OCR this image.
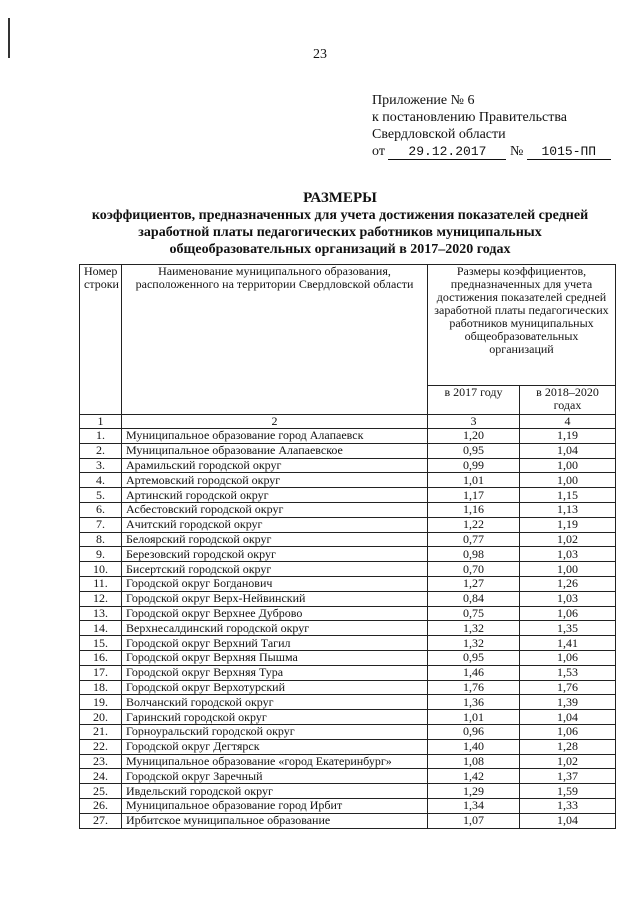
23
Приложение № 6
к постановлению Правительства
Свердловской области
от 29.12.2017 № 1015-ПП
РАЗМЕРЫ
коэффициентов, предназначенных для учета достижения показателей средней
заработной платы педагогических работников муниципальных
общеобразовательных организаций в 2017–2020 годах
Номер строки	Наименование муниципального образования, расположенного на территории Свердловской области	Размеры коэффициентов, предназначенных для учета достижения показателей средней заработной платы педагогических работников муниципальных общеобразовательных организаций	
		в 2017 году	в 2018–2020 годах
1	2	3	4
1.	Муниципальное образование город Алапаевск	1,20	1,19
2.	Муниципальное образование Алапаевское	0,95	1,04
3.	Арамильский городской округ	0,99	1,00
4.	Артемовский городской округ	1,01	1,00
5.	Артинский городской округ	1,17	1,15
6.	Асбестовский городской округ	1,16	1,13
7.	Ачитский городской округ	1,22	1,19
8.	Белоярский городской округ	0,77	1,02
9.	Березовский городской округ	0,98	1,03
10.	Бисертский городской округ	0,70	1,00
11.	Городской округ Богданович	1,27	1,26
12.	Городской округ Верх-Нейвинский	0,84	1,03
13.	Городской округ Верхнее Дуброво	0,75	1,06
14.	Верхнесалдинский городской округ	1,32	1,35
15.	Городской округ Верхний Тагил	1,32	1,41
16.	Городской округ Верхняя Пышма	0,95	1,06
17.	Городской округ Верхняя Тура	1,46	1,53
18.	Городской округ Верхотурский	1,76	1,76
19.	Волчанский городской округ	1,36	1,39
20.	Гаринский городской округ	1,01	1,04
21.	Горноуральский городской округ	0,96	1,06
22.	Городской округ Дегтярск	1,40	1,28
23.	Муниципальное образование «город Екатеринбург»	1,08	1,02
24.	Городской округ Заречный	1,42	1,37
25.	Ивдельский городской округ	1,29	1,59
26.	Муниципальное образование город Ирбит	1,34	1,33
27.	Ирбитское муниципальное образование	1,07	1,04
